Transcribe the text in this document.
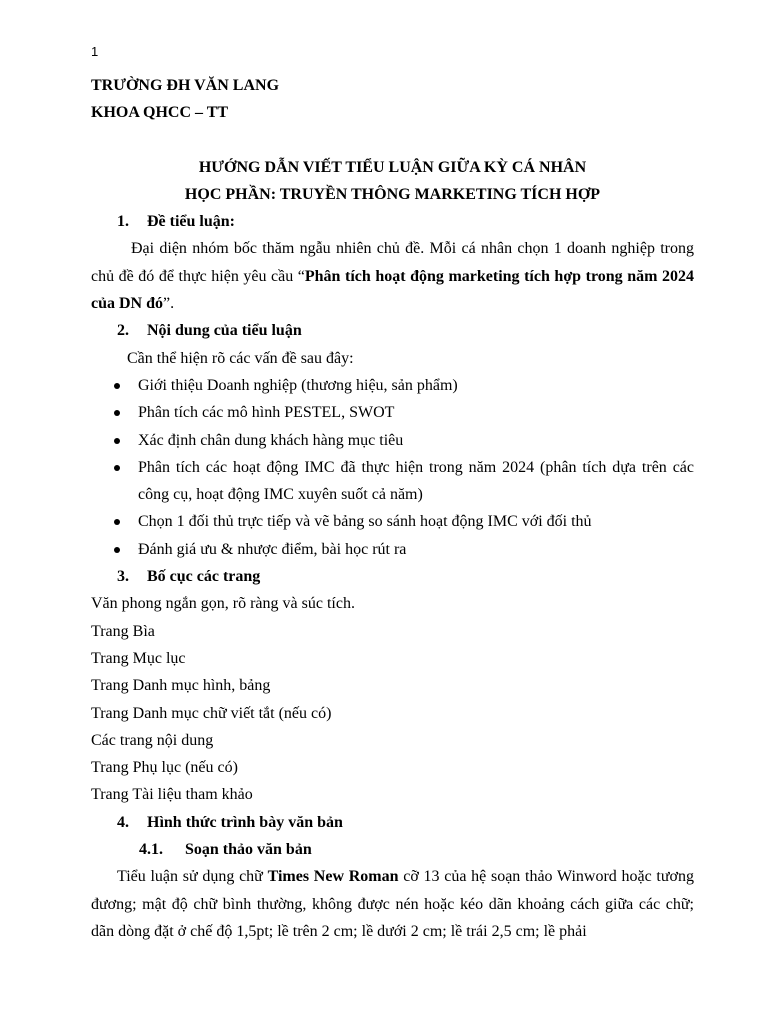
1
TRƯỜNG ĐH VĂN LANG
KHOA QHCC – TT
HƯỚNG DẪN VIẾT TIỂU LUẬN GIỮA KỲ CÁ NHÂN
HỌC PHẦN: TRUYỀN THÔNG MARKETING TÍCH HỢP
1. Đề tiểu luận:
Đại diện nhóm bốc thăm ngẫu nhiên chủ đề. Mỗi cá nhân chọn 1 doanh nghiệp trong chủ đề đó để thực hiện yêu cầu “Phân tích hoạt động marketing tích hợp trong năm 2024 của DN đó”.
2. Nội dung của tiểu luận
Cần thể hiện rõ các vấn đề sau đây:
Giới thiệu Doanh nghiệp (thương hiệu, sản phẩm)
Phân tích các mô hình PESTEL, SWOT
Xác định chân dung khách hàng mục tiêu
Phân tích các hoạt động IMC đã thực hiện trong năm 2024 (phân tích dựa trên các công cụ, hoạt động IMC xuyên suốt cả năm)
Chọn 1 đối thủ trực tiếp và vẽ bảng so sánh hoạt động IMC với đối thủ
Đánh giá ưu & nhược điểm, bài học rút ra
3. Bố cục các trang
Văn phong ngắn gọn, rõ ràng và súc tích.
Trang Bìa
Trang Mục lục
Trang Danh mục hình, bảng
Trang Danh mục chữ viết tắt (nếu có)
Các trang nội dung
Trang Phụ lục (nếu có)
Trang Tài liệu tham khảo
4. Hình thức trình bày văn bản
4.1. Soạn thảo văn bản
Tiểu luận sử dụng chữ Times New Roman cỡ 13 của hệ soạn thảo Winword hoặc tương đương; mật độ chữ bình thường, không được nén hoặc kéo dãn khoảng cách giữa các chữ; dãn dòng đặt ở chế độ 1,5pt; lề trên 2 cm; lề dưới 2 cm; lề trái 2,5 cm; lề phải
